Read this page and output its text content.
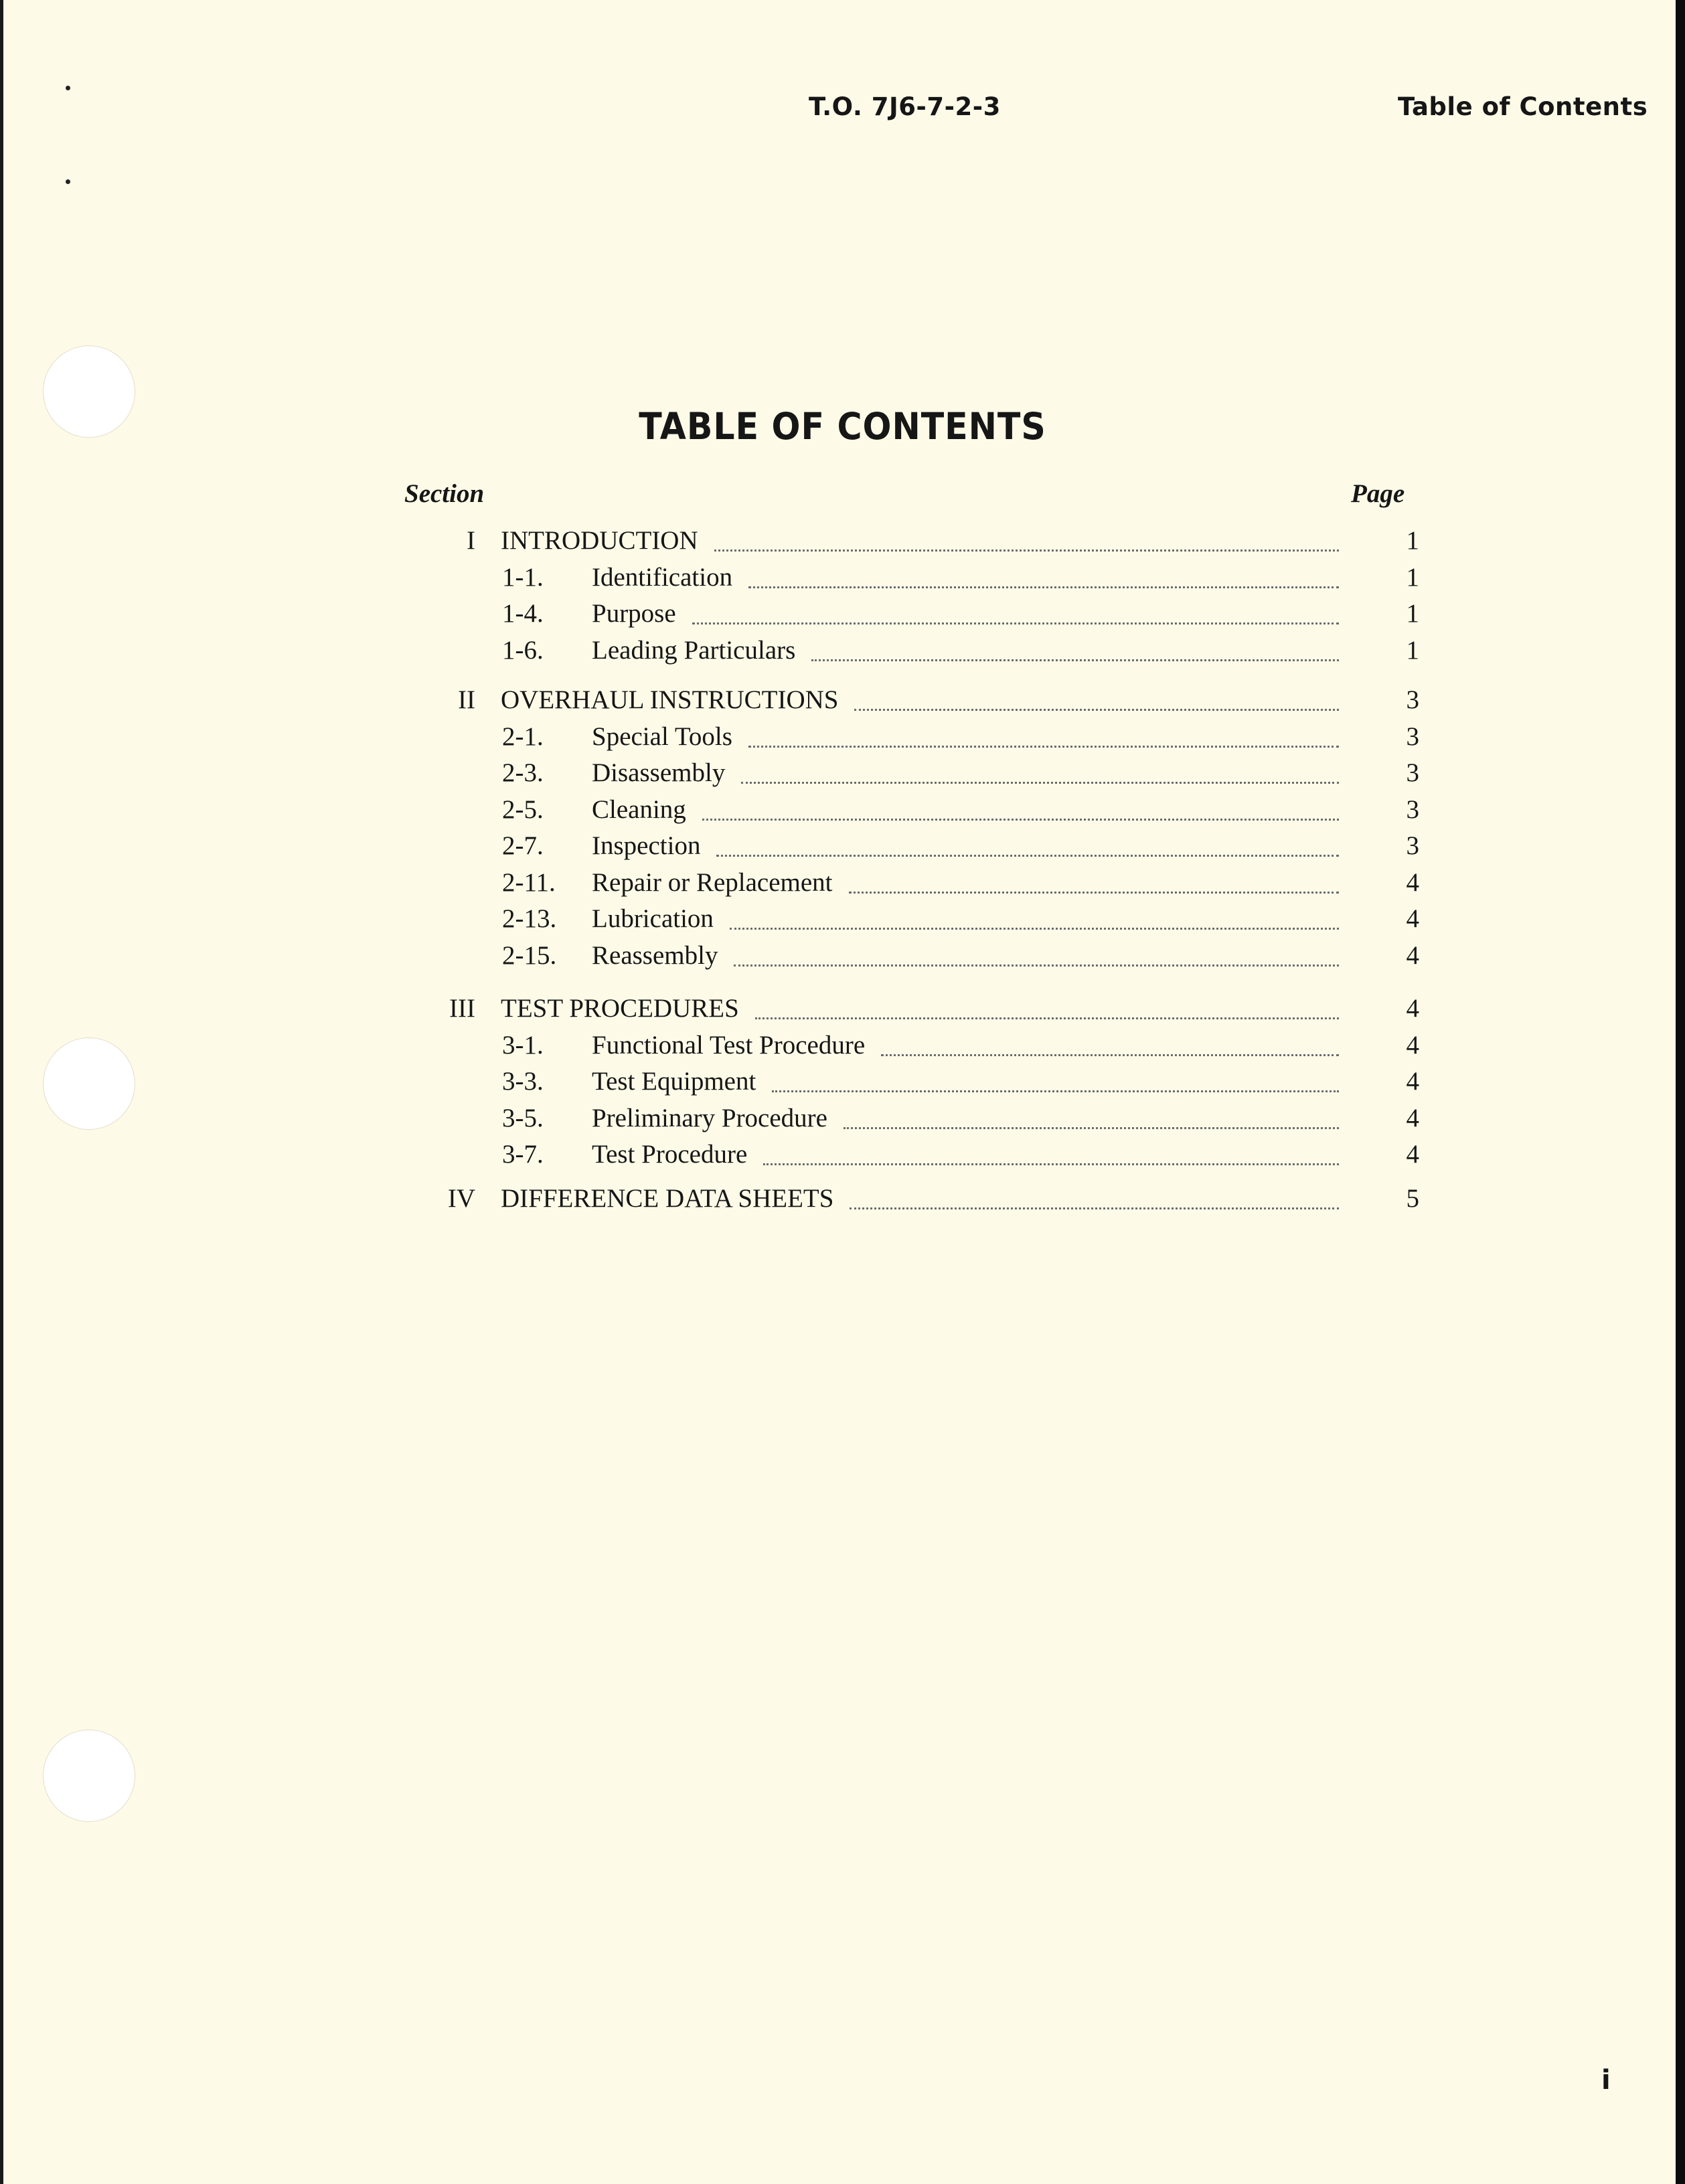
T.O. 7J6-7-2-3	Table of Contents
TABLE OF CONTENTS
Section	Page
I INTRODUCTION	1
1-1. Identification	1
1-4. Purpose	1
1-6. Leading Particulars	1
II OVERHAUL INSTRUCTIONS	3
2-1. Special Tools	3
2-3. Disassembly	3
2-5. Cleaning	3
2-7. Inspection	3
2-11. Repair or Replacement	4
2-13. Lubrication	4
2-15. Reassembly	4
III TEST PROCEDURES	4
3-1. Functional Test Procedure	4
3-3. Test Equipment	4
3-5. Preliminary Procedure	4
3-7. Test Procedure	4
IV DIFFERENCE DATA SHEETS	5
i
